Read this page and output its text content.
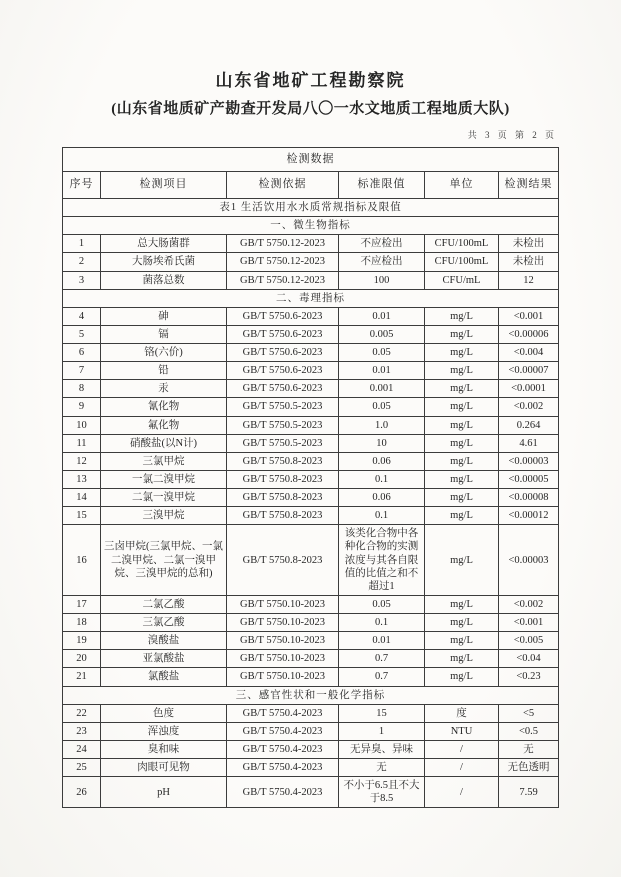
山东省地矿工程勘察院
(山东省地质矿产勘查开发局八〇一水文地质工程地质大队)
共 3 页 第 2 页
检测数据					
序号	检测项目	检测依据	标准限值	单位	检测结果
表1 生活饮用水水质常规指标及限值					
一、微生物指标					
1	总大肠菌群	GB/T 5750.12-2023	不应检出	CFU/100mL	未检出
2	大肠埃希氏菌	GB/T 5750.12-2023	不应检出	CFU/100mL	未检出
3	菌落总数	GB/T 5750.12-2023	100	CFU/mL	12
二、毒理指标					
4	砷	GB/T 5750.6-2023	0.01	mg/L	<0.001
5	镉	GB/T 5750.6-2023	0.005	mg/L	<0.00006
6	铬(六价)	GB/T 5750.6-2023	0.05	mg/L	<0.004
7	铅	GB/T 5750.6-2023	0.01	mg/L	<0.00007
8	汞	GB/T 5750.6-2023	0.001	mg/L	<0.0001
9	氰化物	GB/T 5750.5-2023	0.05	mg/L	<0.002
10	氟化物	GB/T 5750.5-2023	1.0	mg/L	0.264
11	硝酸盐(以N计)	GB/T 5750.5-2023	10	mg/L	4.61
12	三氯甲烷	GB/T 5750.8-2023	0.06	mg/L	<0.00003
13	一氯二溴甲烷	GB/T 5750.8-2023	0.1	mg/L	<0.00005
14	二氯一溴甲烷	GB/T 5750.8-2023	0.06	mg/L	<0.00008
15	三溴甲烷	GB/T 5750.8-2023	0.1	mg/L	<0.00012
16	三卤甲烷(三氯甲烷、一氯二溴甲烷、二氯一溴甲烷、三溴甲烷的总和)	GB/T 5750.8-2023	该类化合物中各种化合物的实测浓度与其各自限值的比值之和不超过1	mg/L	<0.00003
17	二氯乙酸	GB/T 5750.10-2023	0.05	mg/L	<0.002
18	三氯乙酸	GB/T 5750.10-2023	0.1	mg/L	<0.001
19	溴酸盐	GB/T 5750.10-2023	0.01	mg/L	<0.005
20	亚氯酸盐	GB/T 5750.10-2023	0.7	mg/L	<0.04
21	氯酸盐	GB/T 5750.10-2023	0.7	mg/L	<0.23
三、感官性状和一般化学指标					
22	色度	GB/T 5750.4-2023	15	度	<5
23	浑浊度	GB/T 5750.4-2023	1	NTU	<0.5
24	臭和味	GB/T 5750.4-2023	无异臭、异味	/	无
25	肉眼可见物	GB/T 5750.4-2023	无	/	无色透明
26	pH	GB/T 5750.4-2023	不小于6.5且不大于8.5	/	7.59
